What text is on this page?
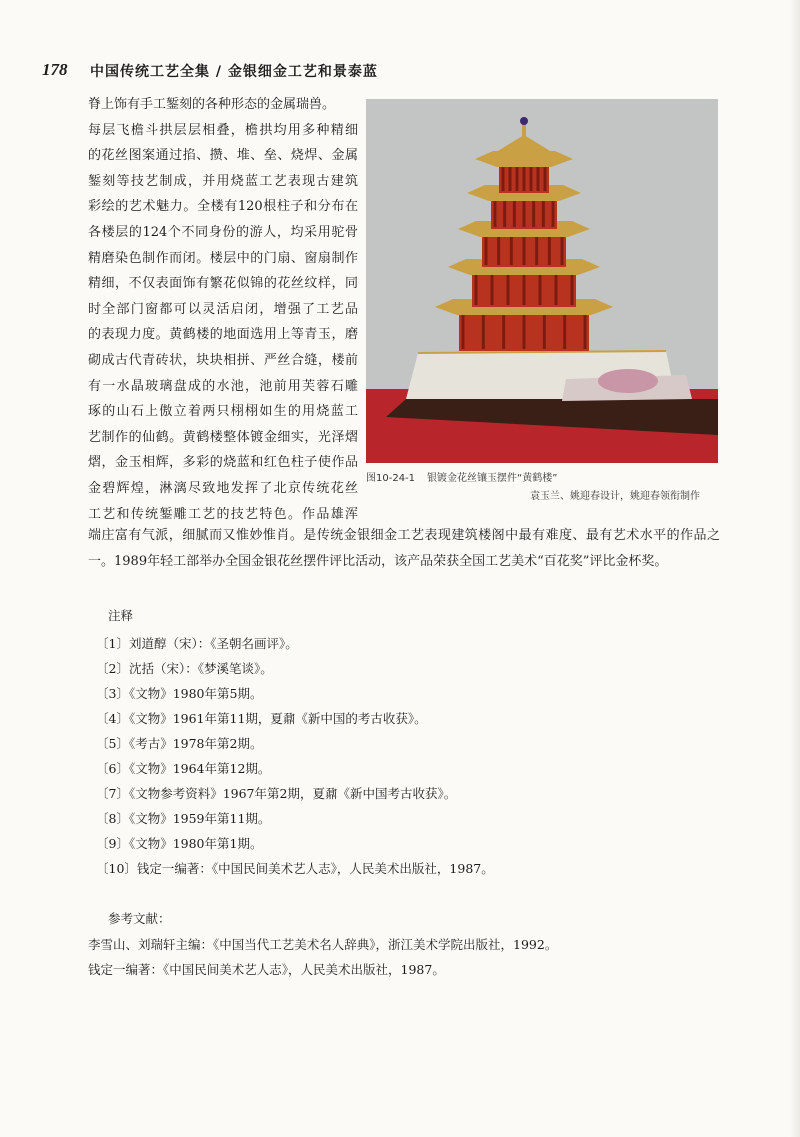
178 中国传统工艺全集 / 金银细金工艺和景泰蓝
脊上饰有手工錾刻的各种形态的金属瑞兽。
每层飞檐斗拱层层相叠，檐拱均用多种精细
的花丝图案通过掐、攒、堆、垒、烧焊、金属
錾刻等技艺制成，并用烧蓝工艺表现古建筑
彩绘的艺术魅力。全楼有120根柱子和分布在
各楼层的124个不同身份的游人，均采用驼骨
精磨染色制作而闭。楼层中的门扇、窗扇制作
精细，不仅表面饰有繁花似锦的花丝纹样，同
时全部门窗都可以灵活启闭，增强了工艺品
的表现力度。黄鹤楼的地面选用上等青玉，磨
砌成古代青砖状，块块相拼、严丝合缝，楼前
有一水晶玻璃盘成的水池，池前用芙蓉石雕
琢的山石上傲立着两只栩栩如生的用烧蓝工
艺制作的仙鹤。黄鹤楼整体镀金细实，光泽熠
熠，金玉相辉，多彩的烧蓝和红色柱子使作品
金碧辉煌，淋漓尽致地发挥了北京传统花丝
工艺和传统錾雕工艺的技艺特色。作品雄浑
图10-24-1 银镀金花丝镶玉摆件“黄鹤楼”
袁玉兰、姚迎春设计，姚迎春领衔制作
端庄富有气派，细腻而又惟妙惟肖。是传统金银细金工艺表现建筑楼阁中最有难度、最有艺术水平的作品之
一。1989年轻工部举办全国金银花丝摆件评比活动，该产品荣获全国工艺美术“百花奖”评比金杯奖。
注释
〔1〕刘道醇（宋）：《圣朝名画评》。
〔2〕沈括（宋）：《梦溪笔谈》。
〔3〕《文物》1980年第5期。
〔4〕《文物》1961年第11期，夏鼐《新中国的考古收获》。
〔5〕《考古》1978年第2期。
〔6〕《文物》1964年第12期。
〔7〕《文物参考资料》1967年第2期，夏鼐《新中国考古收获》。
〔8〕《文物》1959年第11期。
〔9〕《文物》1980年第1期。
〔10〕钱定一编著：《中国民间美术艺人志》，人民美术出版社，1987。
参考文献：
李雪山、刘瑞轩主编：《中国当代工艺美术名人辞典》，浙江美术学院出版社，1992。
钱定一编著：《中国民间美术艺人志》，人民美术出版社，1987。
